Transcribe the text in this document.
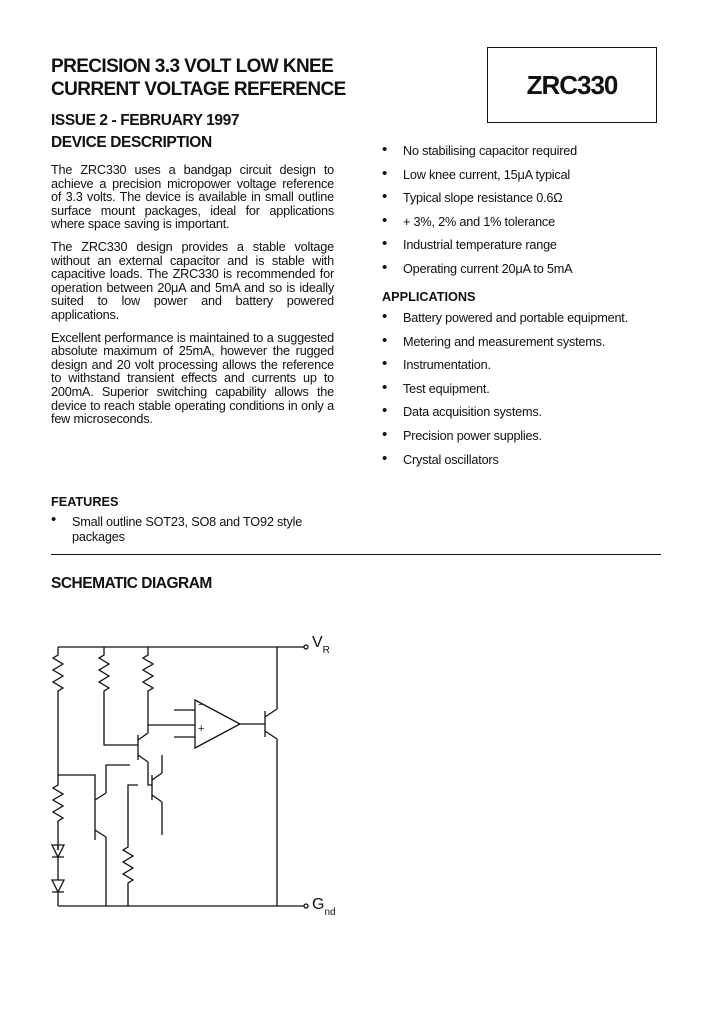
PRECISION 3.3 VOLT LOW KNEE
CURRENT VOLTAGE REFERENCE	ZRC330
ISSUE 2 - FEBRUARY 1997
DEVICE DESCRIPTION

The ZRC330 uses a bandgap circuit design to achieve a precision micropower voltage reference of 3.3 volts. The device is available in small outline surface mount packages, ideal for applications where space saving is important.

The ZRC330 design provides a stable voltage without an external capacitor and is stable with capacitive loads. The ZRC330 is recommended for operation between 20μA and 5mA and so is ideally suited to low power and battery powered applications.

Excellent performance is maintained to a suggested absolute maximum of 25mA, however the rugged design and 20 volt processing allows the reference to withstand transient effects and currents up to 200mA. Superior switching capability allows the device to reach stable operating conditions in only a few microseconds.

• No stabilising capacitor required
• Low knee current, 15μA typical
• Typical slope resistance 0.6Ω
• + 3%, 2% and 1% tolerance
• Industrial temperature range
• Operating current 20μA to 5mA
APPLICATIONS
• Battery powered and portable equipment.
• Metering and measurement systems.
• Instrumentation.
• Test equipment.
• Data acquisition systems.
• Precision power supplies.
• Crystal oscillators
FEATURES
• Small outline SOT23, SO8 and TO92 style packages
SCHEMATIC DIAGRAM
$V_R$
$G_{nd}$
−
+
